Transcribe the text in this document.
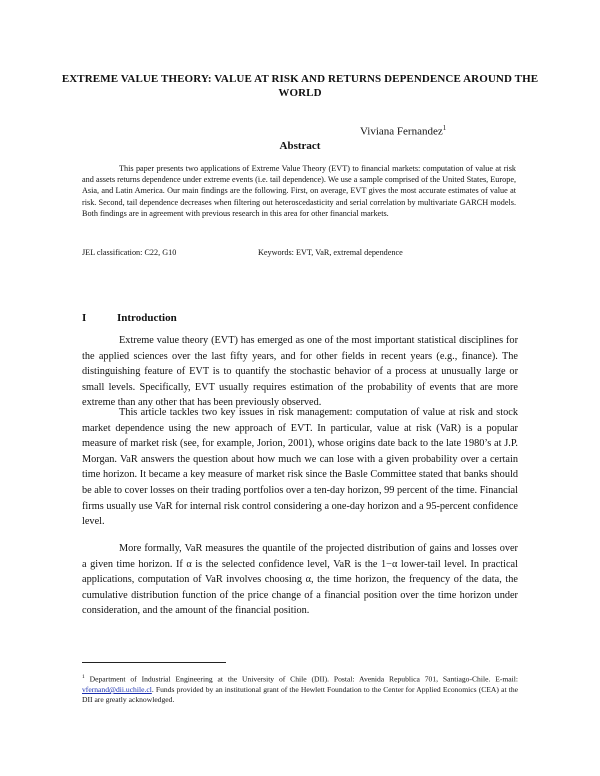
EXTREME VALUE THEORY: VALUE AT RISK AND RETURNS DEPENDENCE AROUND THE WORLD
Viviana Fernandez$^1$
Abstract
This paper presents two applications of Extreme Value Theory (EVT) to financial markets: computation of value at risk and assets returns dependence under extreme events (i.e. tail dependence). We use a sample comprised of the United States, Europe, Asia, and Latin America. Our main findings are the following. First, on average, EVT gives the most accurate estimates of value at risk. Second, tail dependence decreases when filtering out heteroscedasticity and serial correlation by multivariate GARCH models. Both findings are in agreement with previous research in this area for other financial markets.
JEL classification: C22, G10	Keywords: EVT, VaR, extremal dependence
I	Introduction
Extreme value theory (EVT) has emerged as one of the most important statistical disciplines for the applied sciences over the last fifty years, and for other fields in recent years (e.g., finance). The distinguishing feature of EVT is to quantify the stochastic behavior of a process at unusually large or small levels. Specifically, EVT usually requires estimation of the probability of events that are more extreme than any other that has been previously observed.
This article tackles two key issues in risk management: computation of value at risk and stock market dependence using the new approach of EVT. In particular, value at risk (VaR) is a popular measure of market risk (see, for example, Jorion, 2001), whose origins date back to the late 1980’s at J.P. Morgan. VaR answers the question about how much we can lose with a given probability over a certain time horizon. It became a key measure of market risk since the Basle Committee stated that banks should be able to cover losses on their trading portfolios over a ten-day horizon, 99 percent of the time. Financial firms usually use VaR for internal risk control considering a one-day horizon and a 95-percent confidence level.
More formally, VaR measures the quantile of the projected distribution of gains and losses over a given time horizon. If α is the selected confidence level, VaR is the 1−α lower-tail level. In practical applications, computation of VaR involves choosing α, the time horizon, the frequency of the data, the cumulative distribution function of the price change of a financial position over the time horizon under consideration, and the amount of the financial position.
$^1$ Department of Industrial Engineering at the University of Chile (DII). Postal: Avenida Republica 701, Santiago-Chile. E-mail: vfernand@dii.uchile.cl. Funds provided by an institutional grant of the Hewlett Foundation to the Center for Applied Economics (CEA) at the DII are greatly acknowledged.
